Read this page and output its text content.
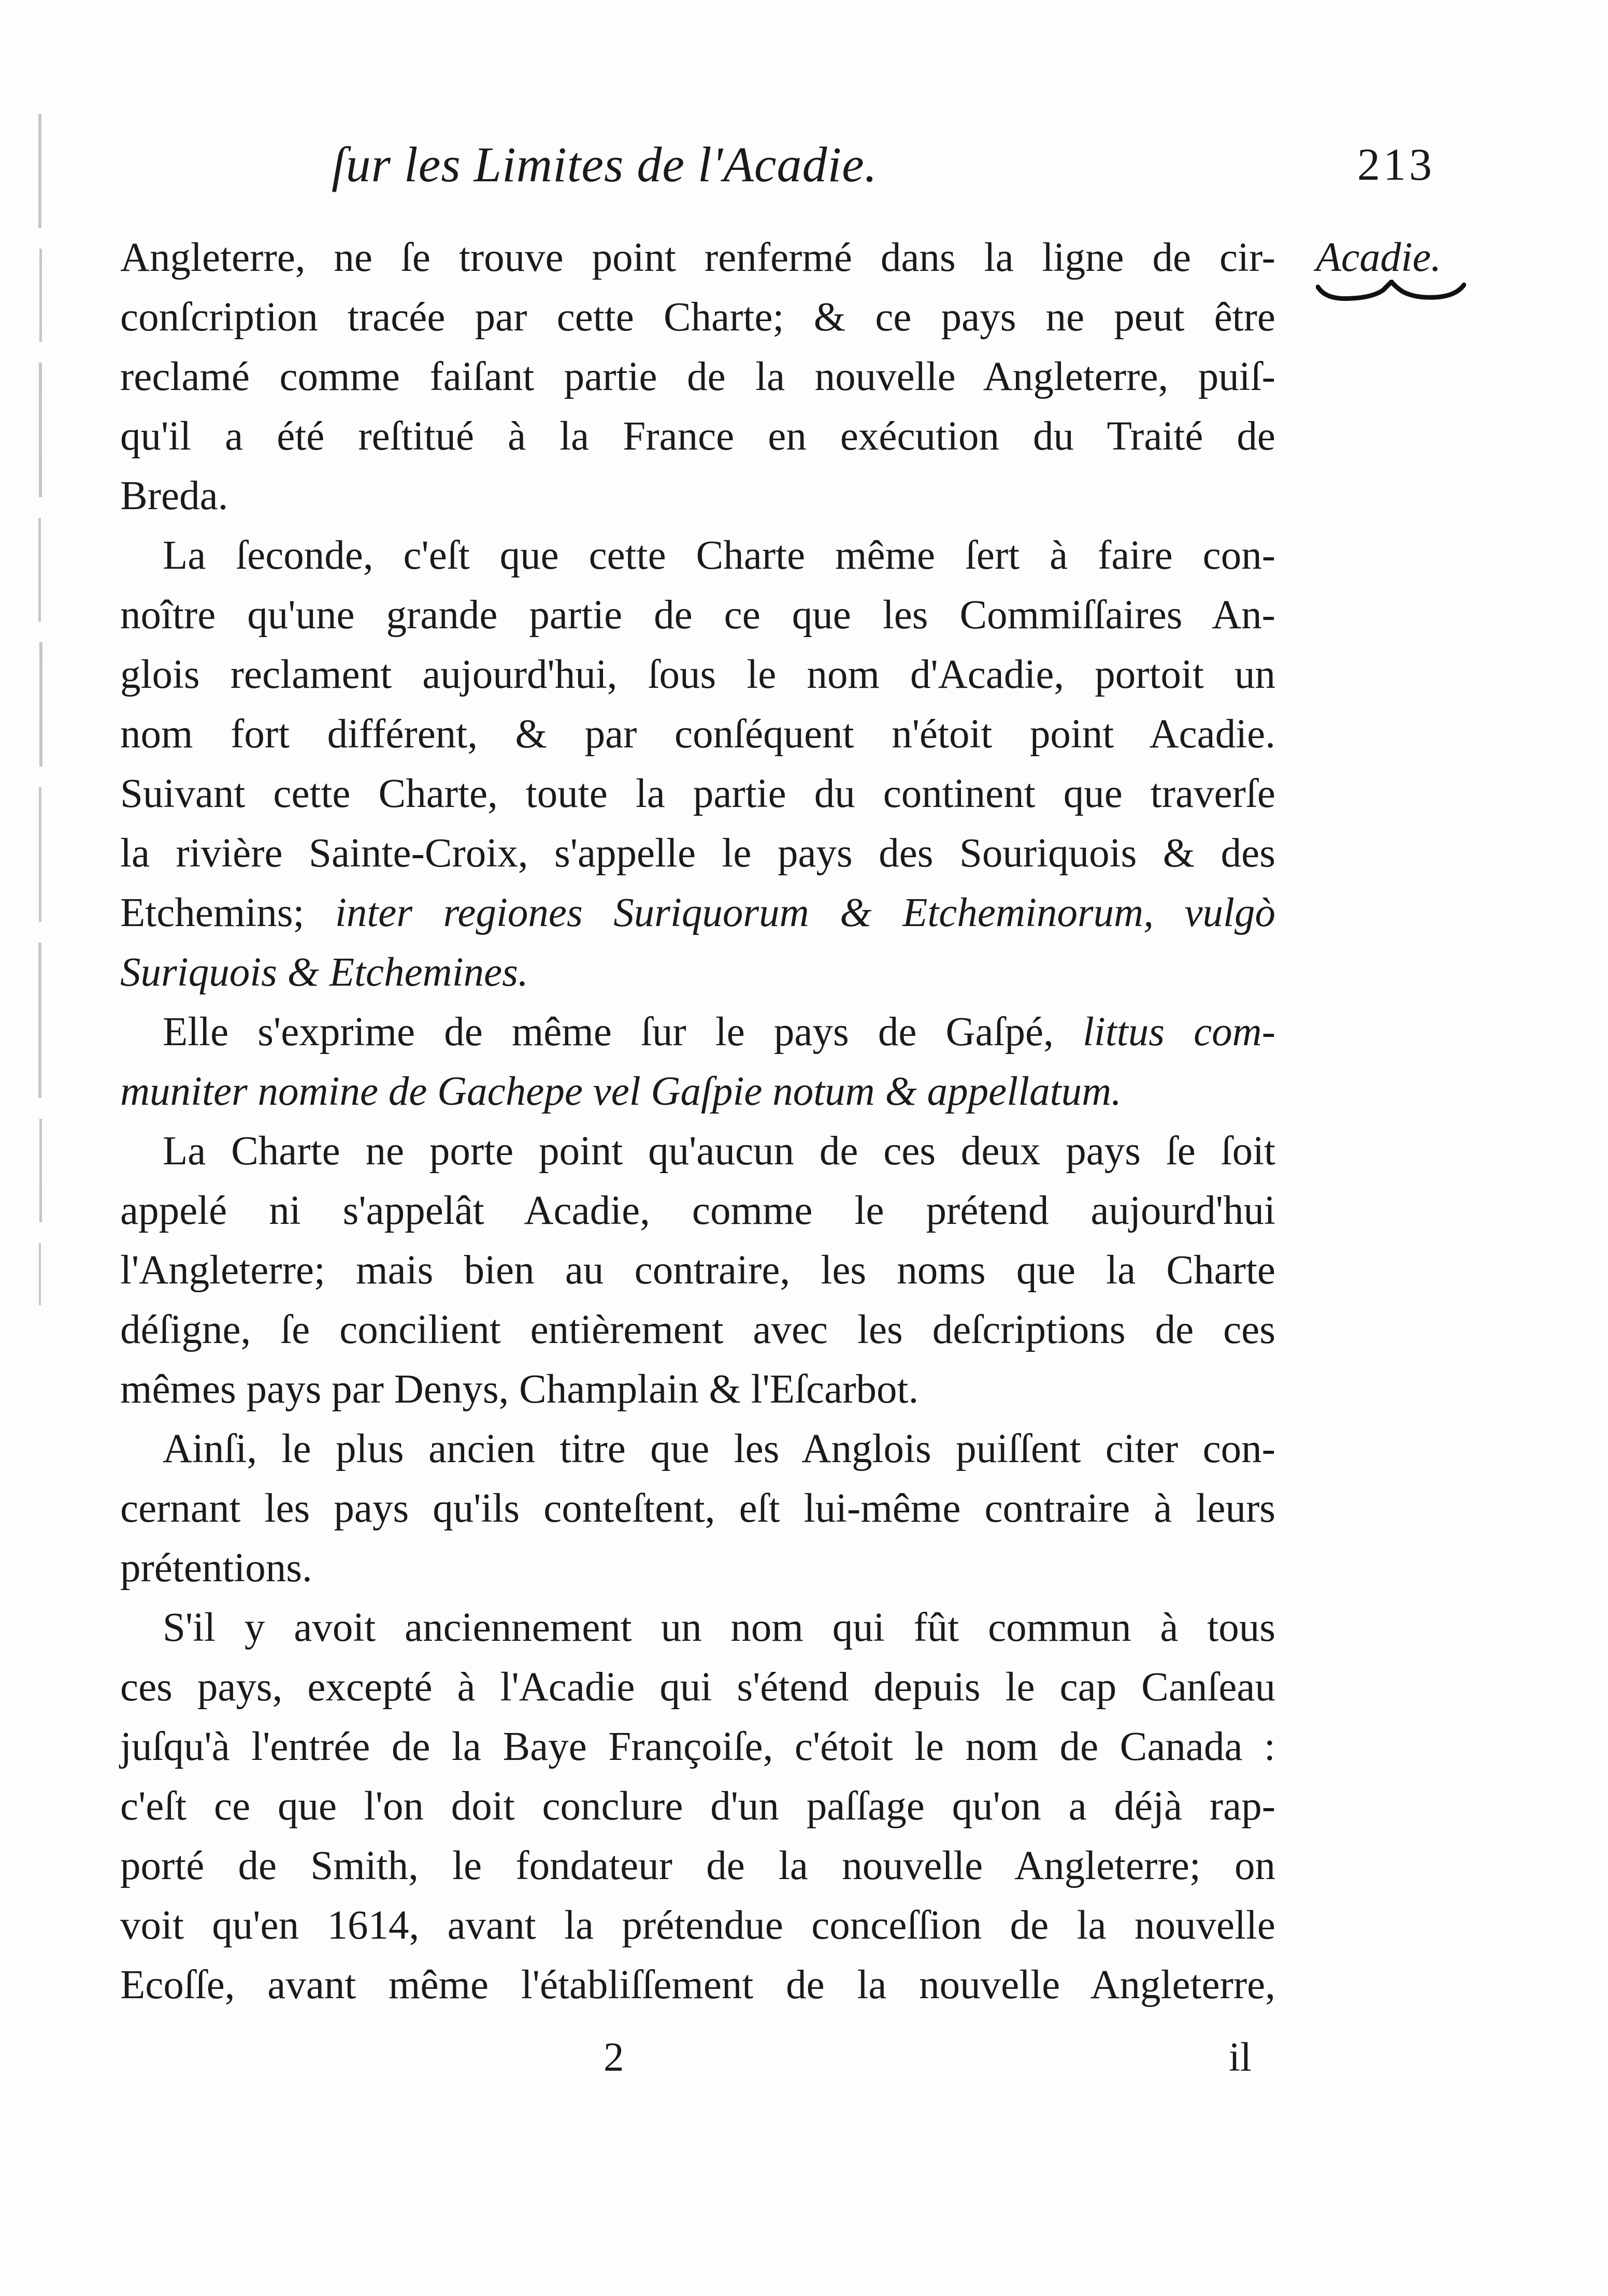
ſur les Limites de l'Acadie.	213
Acadie.
Angleterre, ne ſe trouve point renfermé dans la ligne de cir-
conſcription tracée par cette Charte; & ce pays ne peut être
reclamé comme faiſant partie de la nouvelle Angleterre, puiſ-
qu'il a été reſtitué à la France en exécution du Traité de
Breda.
La ſeconde, c'eſt que cette Charte même ſert à faire con-
noître qu'une grande partie de ce que les Commiſſaires An-
glois reclament aujourd'hui, ſous le nom d'Acadie, portoit un
nom fort différent, & par conſéquent n'étoit point Acadie.
Suivant cette Charte, toute la partie du continent que traverſe
la rivière Sainte-Croix, s'appelle le pays des Souriquois & des
Etchemins; inter regiones Suriquorum & Etcheminorum, vulgò
Suriquois & Etchemines.
Elle s'exprime de même ſur le pays de Gaſpé, littus com-
muniter nomine de Gachepe vel Gaſpie notum & appellatum.
La Charte ne porte point qu'aucun de ces deux pays ſe ſoit
appelé ni s'appelât Acadie, comme le prétend aujourd'hui
l'Angleterre; mais bien au contraire, les noms que la Charte
déſigne, ſe concilient entièrement avec les deſcriptions de ces
mêmes pays par Denys, Champlain & l'Eſcarbot.
Ainſi, le plus ancien titre que les Anglois puiſſent citer con-
cernant les pays qu'ils conteſtent, eſt lui-même contraire à leurs
prétentions.
S'il y avoit anciennement un nom qui fût commun à tous
ces pays, excepté à l'Acadie qui s'étend depuis le cap Canſeau
juſqu'à l'entrée de la Baye Françoiſe, c'étoit le nom de Canada :
c'eſt ce que l'on doit conclure d'un paſſage qu'on a déjà rap-
porté de Smith, le fondateur de la nouvelle Angleterre; on
voit qu'en 1614, avant la prétendue conceſſion de la nouvelle
Ecoſſe, avant même l'établiſſement de la nouvelle Angleterre,
2	il
